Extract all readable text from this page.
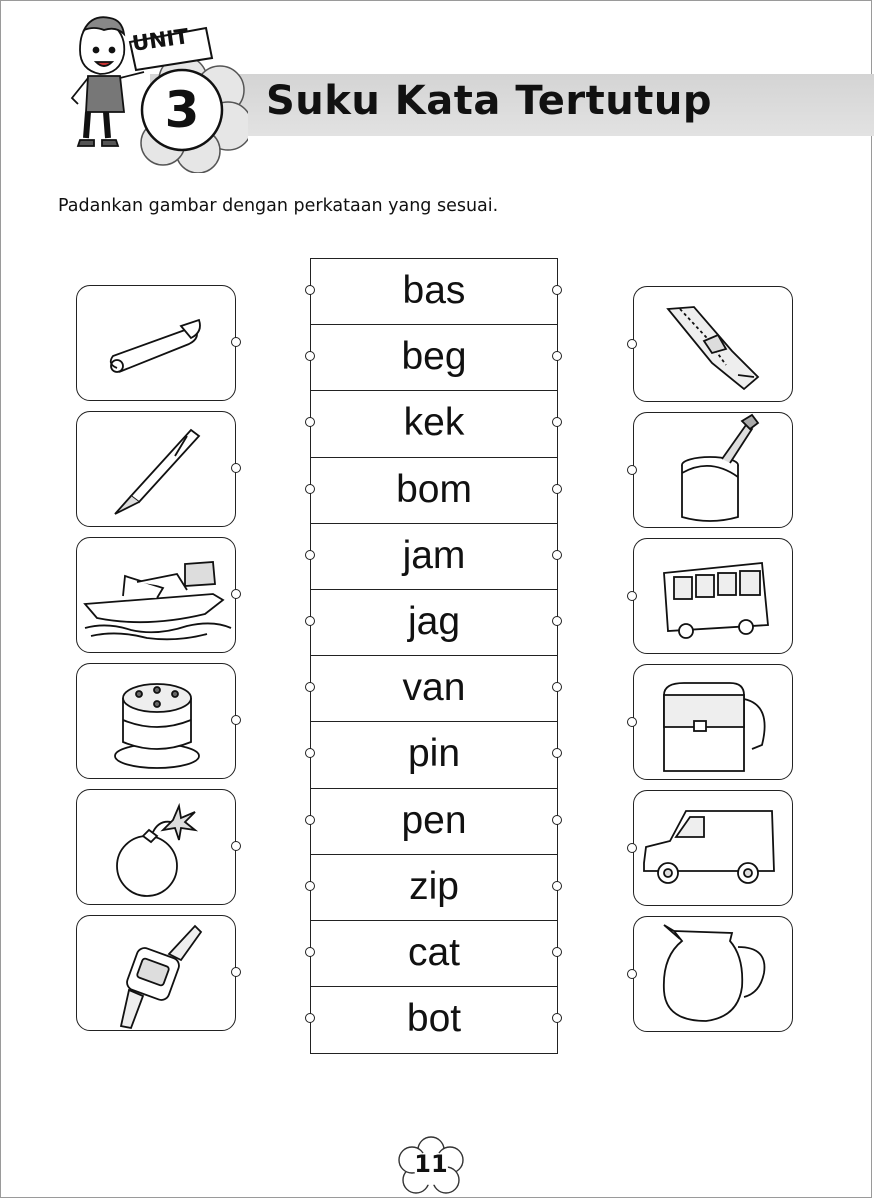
UNIT
3	Suku Kata Tertutup
Padankan gambar dengan perkataan yang sesuai.
bas
beg
kek
bom
jam
jag
van
pin
pen
zip
cat
bot
11
